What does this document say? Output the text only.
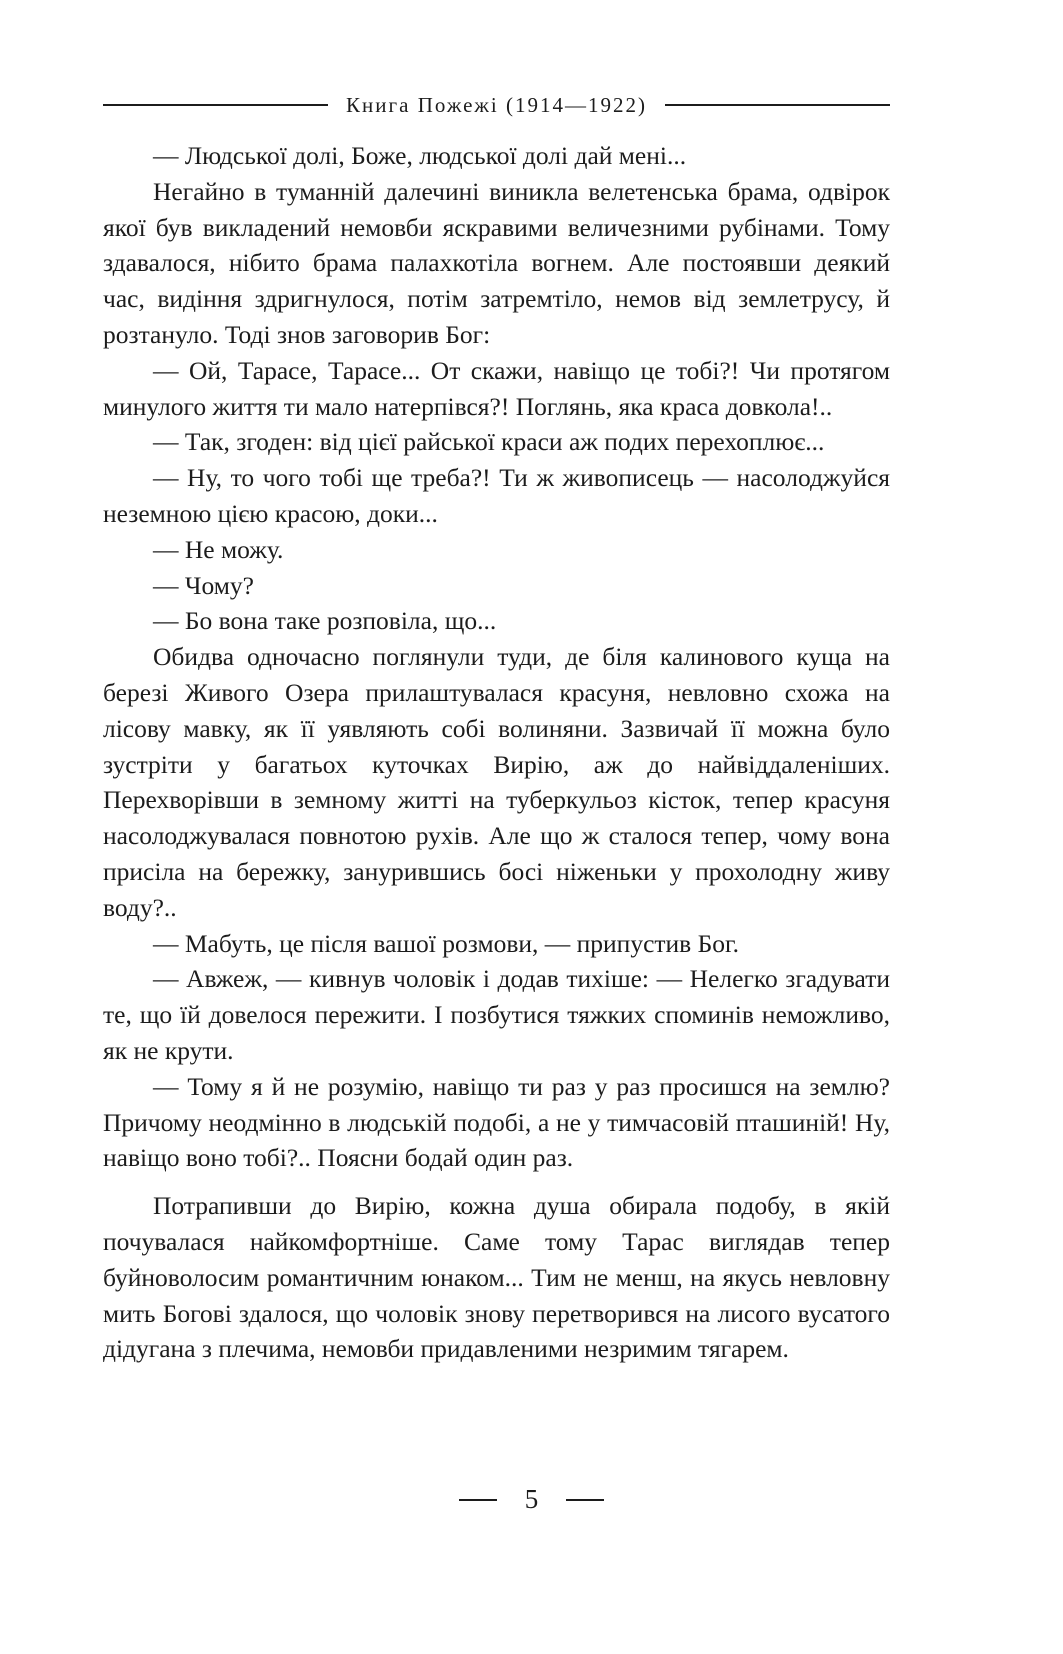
Книга Пожежі (1914—1922)

— Людської долі, Боже, людської долі дай мені...

Негайно в туманній далечині виникла велетенська брама, одвірок якої був викладений немовби яскравими величезними рубінами. Тому здавалося, нібито брама палахкотіла вогнем. Але постоявши деякий час, видіння здригнулося, потім затремтіло, немов від землетрусу, й розтануло. Тоді знов заговорив Бог:

— Ой, Тарасе, Тарасе... От скажи, навіщо це тобі?! Чи протягом минулого життя ти мало натерпівся?! Поглянь, яка краса довкола!..

— Так, згоден: від цієї райської краси аж подих перехоплює...

— Ну, то чого тобі ще треба?! Ти ж живописець — насолоджуйся неземною цією красою, доки...

— Не можу.

— Чому?

— Бо вона таке розповіла, що...

Обидва одночасно поглянули туди, де біля калинового куща на березі Живого Озера прилаштувалася красуня, невловно схожа на лісову мавку, як її уявляють собі волиняни. Зазвичай її можна було зустріти у багатьох куточках Вирію, аж до найвіддаленіших. Перехворівши в земному житті на туберкульоз кісток, тепер красуня насолоджувалася повнотою рухів. Але що ж сталося тепер, чому вона присіла на бережку, занурившись босі ніженьки у прохолодну живу воду?..

— Мабуть, це після вашої розмови, — припустив Бог.

— Авжеж, — кивнув чоловік і додав тихіше: — Нелегко згадувати те, що їй довелося пережити. І позбутися тяжких споминів неможливо, як не крути.

— Тому я й не розумію, навіщо ти раз у раз просишся на землю? Причому неодмінно в людській подобі, а не у тимчасовій пташиній! Ну, навіщо воно тобі?.. Поясни бодай один раз.

Потрапивши до Вирію, кожна душа обирала подобу, в якій почувалася найкомфортніше. Саме тому Тарас виглядав тепер буйноволосим романтичним юнаком... Тим не менш, на якусь невловну мить Богові здалося, що чоловік знову перетворився на лисого вусатого дідугана з плечима, немовби придавленими незримим тягарем.

5
